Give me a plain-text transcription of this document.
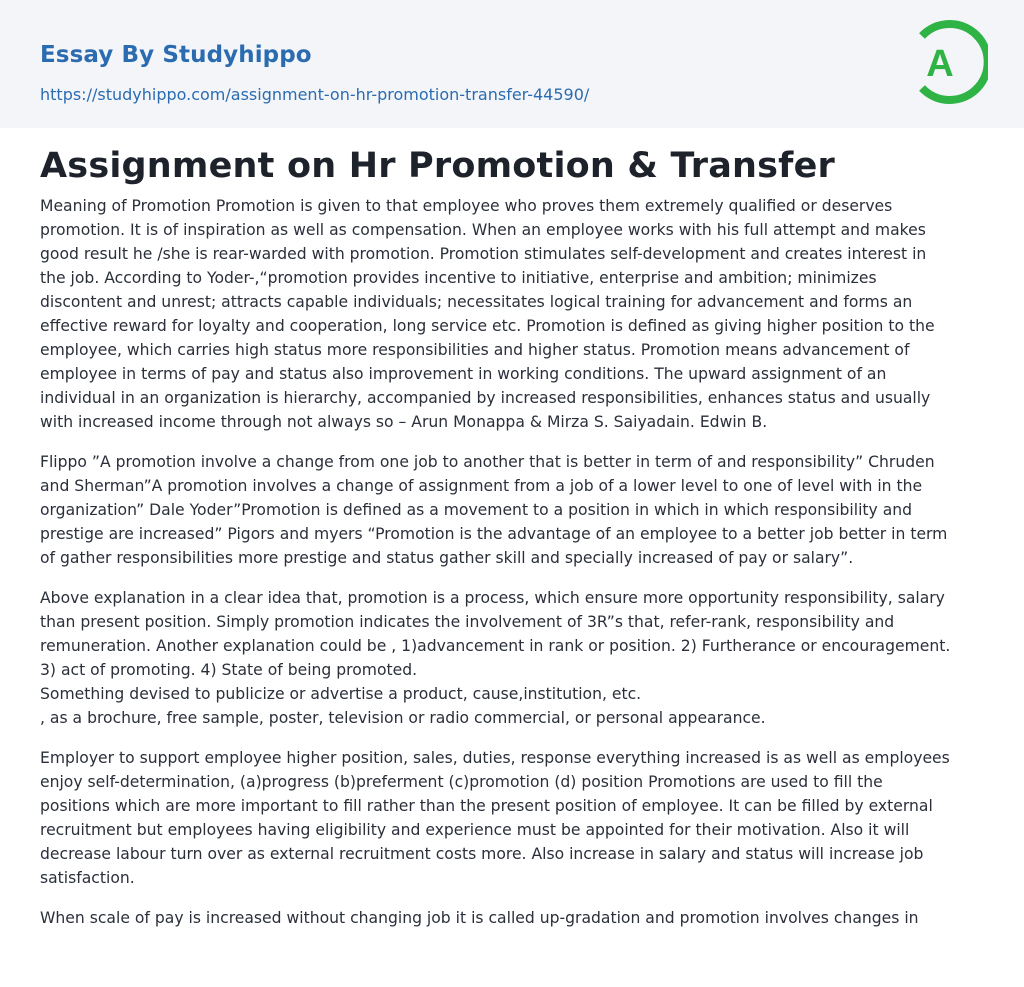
Essay By Studyhippo
https://studyhippo.com/assignment-on-hr-promotion-transfer-44590/
A
Assignment on Hr Promotion & Transfer

Meaning of Promotion Promotion is given to that employee who proves them extremely qualified or deserves
promotion. It is of inspiration as well as compensation. When an employee works with his full attempt and makes
good result he /she is rear-warded with promotion. Promotion stimulates self-development and creates interest in
the job. According to Yoder-,“promotion provides incentive to initiative, enterprise and ambition; minimizes
discontent and unrest; attracts capable individuals; necessitates logical training for advancement and forms an
effective reward for loyalty and cooperation, long service etc. Promotion is defined as giving higher position to the
employee, which carries high status more responsibilities and higher status. Promotion means advancement of
employee in terms of pay and status also improvement in working conditions. The upward assignment of an
individual in an organization is hierarchy, accompanied by increased responsibilities, enhances status and usually
with increased income through not always so – Arun Monappa & Mirza S. Saiyadain. Edwin B.

Flippo ”A promotion involve a change from one job to another that is better in term of and responsibility” Chruden
and Sherman”A promotion involves a change of assignment from a job of a lower level to one of level with in the
organization” Dale Yoder”Promotion is defined as a movement to a position in which in which responsibility and
prestige are increased” Pigors and myers “Promotion is the advantage of an employee to a better job better in term
of gather responsibilities more prestige and status gather skill and specially increased of pay or salary”.

Above explanation in a clear idea that, promotion is a process, which ensure more opportunity responsibility, salary
than present position. Simply promotion indicates the involvement of 3R”s that, refer-rank, responsibility and
remuneration. Another explanation could be , 1)advancement in rank or position. 2) Furtherance or encouragement.
3) act of promoting. 4) State of being promoted.
Something devised to publicize or advertise a product, cause,institution, etc.
, as a brochure, free sample, poster, television or radio commercial, or personal appearance.

Employer to support employee higher position, sales, duties, response everything increased is as well as employees
enjoy self-determination, (a)progress (b)preferment (c)promotion (d) position Promotions are used to fill the
positions which are more important to fill rather than the present position of employee. It can be filled by external
recruitment but employees having eligibility and experience must be appointed for their motivation. Also it will
decrease labour turn over as external recruitment costs more. Also increase in salary and status will increase job
satisfaction.

When scale of pay is increased without changing job it is called up-gradation and promotion involves changes in
